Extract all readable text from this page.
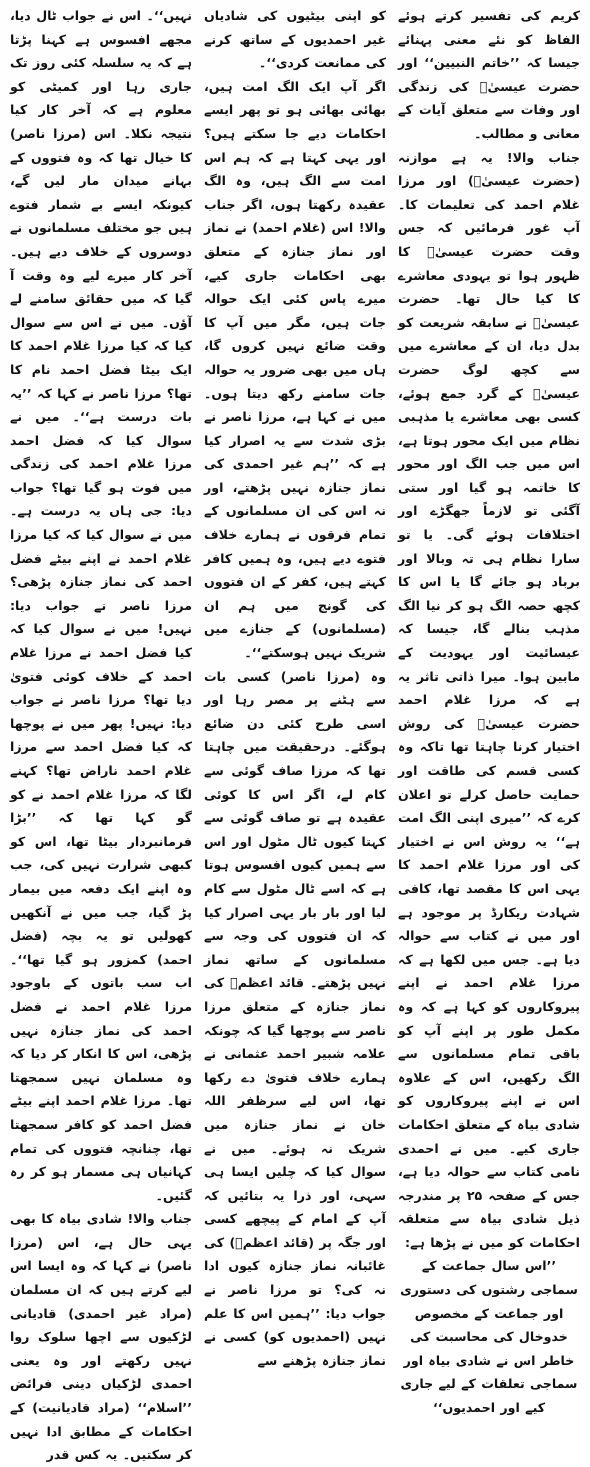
کریم کی تفسیر کرتے ہوئے الفاظ کو نئے معنی پہنائے جیسا کہ ’’خاتم النبیین‘‘ اور حضرت عیسیٰؑ کی زندگی اور وفات سے متعلق آیات کے معانی و مطالب۔

جناب والا! یہ ہے موازنہ (حضرت عیسیٰؑ) اور مرزا غلام احمد کی تعلیمات کا۔ آپ غور فرمائیں کہ جس وقت حضرت عیسیٰؑ کا ظہور ہوا تو یہودی معاشرے کا کیا حال تھا۔ حضرت عیسیٰؑ نے سابقہ شریعت کو بدل دیا، ان کے معاشرے میں سے کچھ لوگ حضرت عیسیٰؑ کے گرد جمع ہوئے، کسی بھی معاشرے یا مذہبی نظام میں ایک محور ہوتا ہے، اس میں جب الگ اور محور کا خاتمہ ہو گیا اور ستی آگئی تو لازماً جھگڑے اور اختلافات ہوئے گی۔ یا تو سارا نظام ہی تہ وبالا اور برباد ہو جائے گا یا اس کا کچھ حصہ الگ ہو کر نیا الگ مذہب بنالے گا، جیسا کہ عیسائیت اور یہودیت کے مابین ہوا۔ میرا ذاتی تاثر یہ ہے کہ مرزا غلام احمد حضرت عیسیٰؑ کی روش اختیار کرنا چاہتا تھا تاکہ وہ کسی قسم کی طاقت اور حمایت حاصل کرلے تو اعلان کرے کہ ’’میری اپنی الگ امت ہے‘‘ یہ روش اس نے اختیار کی اور مرزا غلام احمد کا یہی اس کا مقصد تھا، کافی شہادت ریکارڈ پر موجود ہے اور میں نے کتاب سے حوالہ دیا ہے۔ جس میں لکھا ہے کہ مرزا غلام احمد نے اپنے پیروکاروں کو کہا ہے کہ وہ مکمل طور پر اپنے آپ کو باقی تمام مسلمانوں سے الگ رکھیں، اس کے علاوہ اس نے اپنے پیروکاروں کو شادی بیاہ کے متعلق احکامات جاری کیے۔ میں نے احمدی نامی کتاب سے حوالہ دیا ہے، جس کے صفحہ ۲۵ پر مندرجہ ذیل شادی بیاہ سے متعلقہ احکامات کو میں نے پڑھا ہے:

’’اس سال جماعت کے سماجی رشتوں کی دستوری اور جماعت کے مخصوص خدوخال کی محاسبت کی خاطر اس نے شادی بیاہ اور سماجی تعلقات کے لیے جاری کیے اور احمدیوں‘‘

کو اپنی بیٹیوں کی شادیاں غیر احمدیوں کے ساتھ کرنے کی ممانعت کردی‘‘۔

اگر آپ ایک الگ امت ہیں، بھائی بھائی ہو تو پھر ایسے احکامات دیے جا سکتے ہیں؟ اور یہی کہتا ہے کہ ہم اس امت سے الگ ہیں، وہ الگ عقیدہ رکھتا ہوں، اگر جناب والا! اس (غلام احمد) نے نماز اور نماز جنازہ کے متعلق بھی احکامات جاری کیے، میرے پاس کئی ایک حوالہ جات ہیں، مگر میں آپ کا وقت ضائع نہیں کروں گا، ہاں میں بھی ضرور یہ حوالہ جات سامنے رکھ دیتا ہوں۔ میں نے کہا ہے، مرزا ناصر نے بڑی شدت سے یہ اصرار کیا ہے کہ ’’ہم غیر احمدی کی نماز جنازہ نہیں پڑھتے، اور نہ اس کی ان مسلمانوں کے تمام فرقوں نے ہمارے خلاف فتوے دیے ہیں، وہ ہمیں کافر کہتے ہیں، کفر کے ان فتووں کی گونج میں ہم ان (مسلمانوں) کے جنازے میں شریک نہیں ہوسکتے‘‘۔

وہ (مرزا ناصر) کسی بات سے ہٹنے پر مصر رہا اور اسی طرح کئی دن ضائع ہوگئے۔ درحقیقت میں چاہتا تھا کہ مرزا صاف گوئی سے کام لے، اگر اس کا کوئی عقیدہ ہے تو صاف گوئی سے کہتا کیوں ٹال مٹول اور اس سے ہمیں کیوں افسوس ہوتا ہے کہ اسے ٹال مٹول سے کام لیا اور بار بار یہی اصرار کیا کہ ان فتووں کی وجہ سے مسلمانوں کے ساتھ نماز نہیں پڑھتے۔ قائد اعظمؒ کی نماز جنازہ کے متعلق مرزا ناصر سے پوچھا گیا کہ چونکہ علامہ شبیر احمد عثمانی نے ہمارے خلاف فتویٰ دے رکھا تھا، اس لیے سرظفر اللہ خان نے نماز جنازہ میں شریک نہ ہوئے۔ میں نے سوال کیا کہ چلیں ایسا ہی سہی، اور ذرا یہ بتائیں کہ آپ کے امام کے پیچھے کسی اور جگہ پر (قائد اعظمؒ) کی غائبانہ نماز جنازہ کیوں ادا نہ کی؟ تو مرزا ناصر نے جواب دیا: ’’ہمیں اس کا علم نہیں (احمدیوں کو) کسی نے نماز جنازہ پڑھنے سے

نہیں‘‘۔ اس نے جواب ٹال دیا، مجھے افسوس ہے کہنا پڑتا ہے کہ یہ سلسلہ کئی روز تک جاری رہا اور کمیٹی کو معلوم ہے کہ آخر کار کیا نتیجہ نکلا۔ اس (مرزا ناصر) کا خیال تھا کہ وہ فتووں کے بہانے میدان مار لیں گے، کیونکہ ایسے بے شمار فتوے ہیں جو مختلف مسلمانوں نے دوسروں کے خلاف دیے ہیں۔ آخر کار میرے لیے وہ وقت آ گیا کہ میں حقائق سامنے لے آؤں۔ میں نے اس سے سوال کیا کہ کیا مرزا غلام احمد کا ایک بیٹا فضل احمد نام کا تھا؟ مرزا ناصر نے کہا کہ ’’یہ بات درست ہے‘‘۔ میں نے سوال کیا کہ فضل احمد مرزا غلام احمد کی زندگی میں فوت ہو گیا تھا؟ جواب دیا: جی ہاں یہ درست ہے۔ میں نے سوال کیا کہ کیا مرزا غلام احمد نے اپنے بیٹے فضل احمد کی نماز جنازہ پڑھی؟ مرزا ناصر نے جواب دیا: نہیں! میں نے سوال کیا کہ کیا فضل احمد نے مرزا غلام احمد کے خلاف کوئی فتویٰ دیا تھا؟ مرزا ناصر نے جواب دیا: نہیں! پھر میں نے پوچھا کہ کیا فضل احمد سے مرزا غلام احمد ناراض تھا؟ کہنے لگا کہ مرزا غلام احمد نے کو گو کہا تھا کہ ’’بڑا فرمانبردار بیٹا تھا، اس کو کبھی شرارت نہیں کی، جب وہ اپنے ایک دفعہ میں بیمار پڑ گیا، جب میں نے آنکھیں کھولیں تو یہ بچہ (فضل احمد) کمزور ہو گیا تھا‘‘۔ اب سب باتوں کے باوجود مرزا غلام احمد نے فضل احمد کی نماز جنازہ نہیں پڑھی، اس کا انکار کر دیا کہ وہ مسلمان نہیں سمجھتا تھا۔ مرزا غلام احمد اپنے بیٹے فضل احمد کو کافر سمجھتا تھا، چنانچہ فتووں کی تمام کہانیاں ہی مسمار ہو کر رہ گئیں۔

جناب والا! شادی بیاہ کا بھی یہی حال ہے، اس (مرزا ناصر) نے کہا کہ وہ ایسا اس لیے کرتے ہیں کہ ان مسلمان (مراد غیر احمدی) قادیانی لڑکیوں سے اچھا سلوک روا نہیں رکھتے اور وہ یعنی احمدی لڑکیاں دینی فرائض ’’اسلام‘‘ (مراد قادیانیت) کے احکامات کے مطابق ادا نہیں کر سکتیں۔ یہ کس قدر
